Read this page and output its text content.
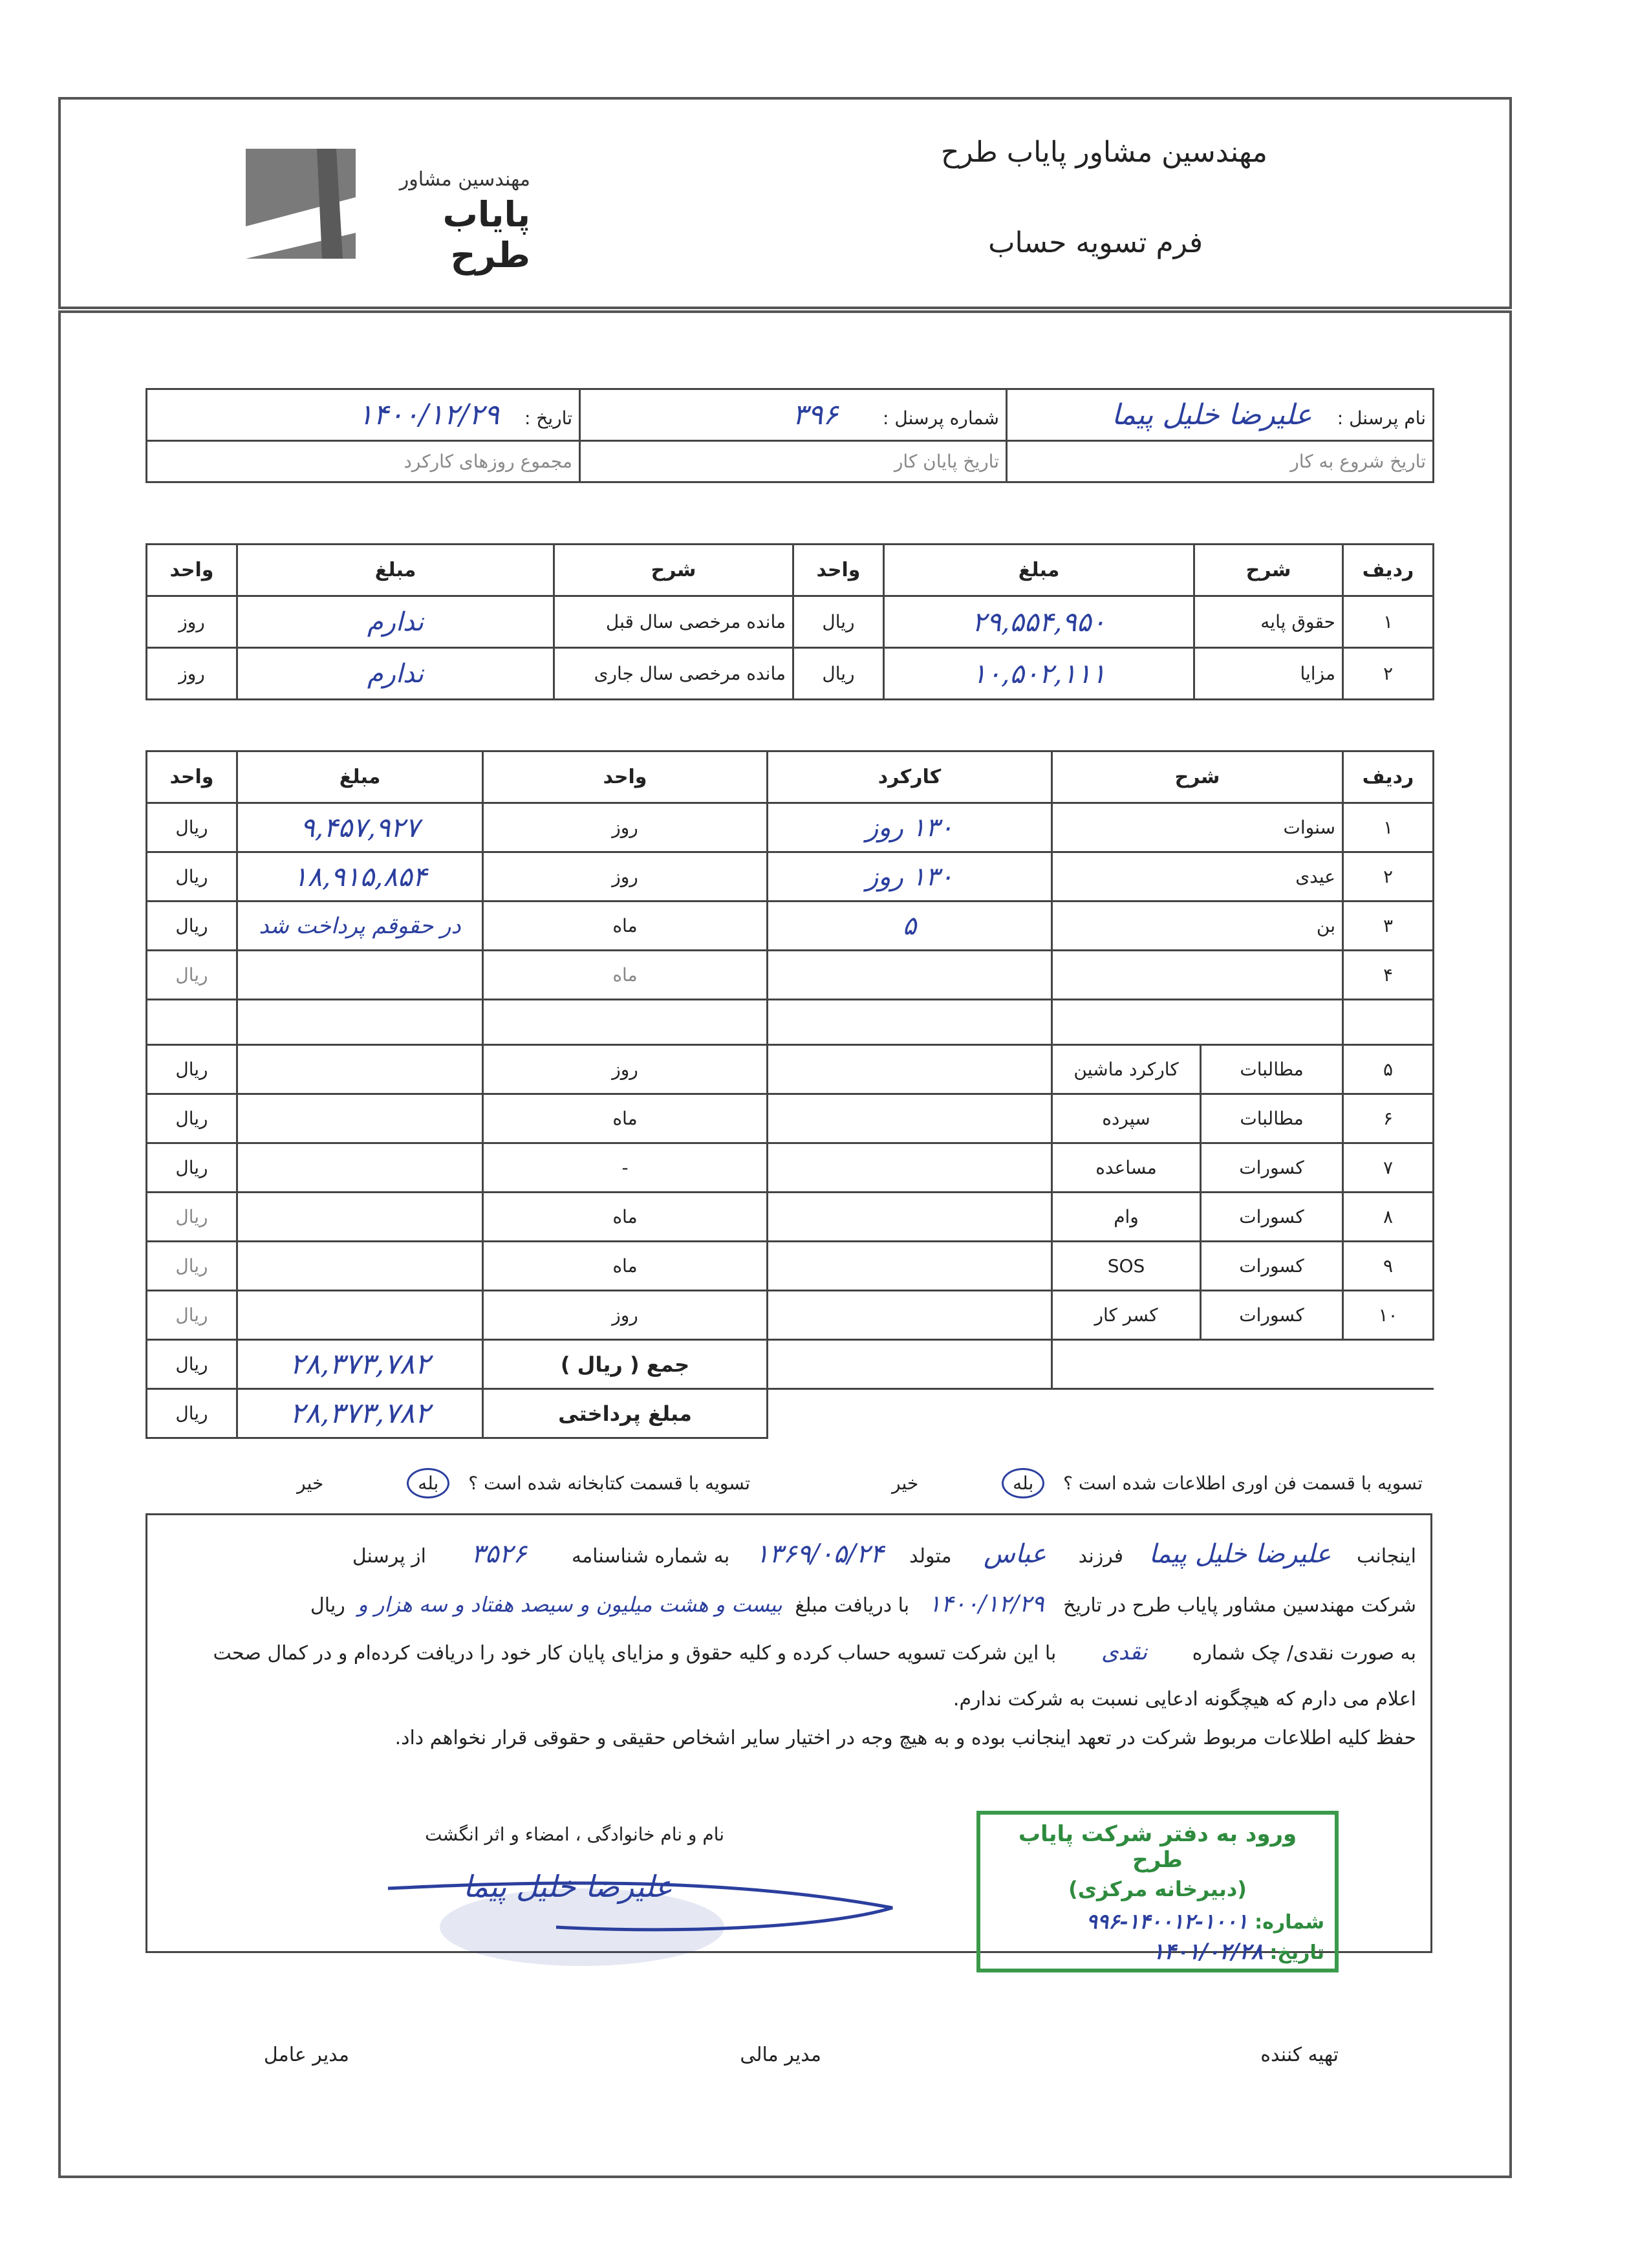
مهندسین مشاور
پایاب طرح
مهندسین مشاور پایاب طرح
فرم تسویه حساب
نام پرسنل : علیرضا خلیل پیما	شماره پرسنل : ۳۹۶	تاریخ : ۱۴۰۰/۱۲/۲۹
تاریخ شروع به کار	تاریخ پایان کار	مجموع روزهای کارکرد
ردیف	شرح	مبلغ	واحد	شرح	مبلغ	واحد
۱	حقوق پایه	۲۹,۵۵۴,۹۵۰	ریال	مانده مرخصی سال قبل	ندارم	روز
۲	مزایا	۱۰,۵۰۲,۱۱۱	ریال	مانده مرخصی سال جاری	ندارم	روز
ردیف	شرح		کارکرد	واحد	مبلغ	واحد
۱	سنوات		۱۳۰ روز	روز	۹,۴۵۷,۹۲۷	ریال
۲	عیدی		۱۳۰ روز	روز	۱۸,۹۱۵,۸۵۴	ریال
۳	بن		۵	ماه	در حقوقم پرداخت شد	ریال
۴				ماه		ریال

۵	مطالبات	کارکرد ماشین		روز		ریال
۶	مطالبات	سپرده		ماه		ریال
۷	کسورات	مساعده		-		ریال
۸	کسورات	وام		ماه		ریال
۹	کسورات	SOS		ماه		ریال
۱۰	کسورات	کسر کار		روز		ریال
				جمع ( ریال )	۲۸,۳۷۳,۷۸۲	ریال
				مبلغ پرداختی	۲۸,۳۷۳,۷۸۲	ریال
تسویه با قسمت فن اوری اطلاعات شده است ؟ بله خیر
تسویه با قسمت کتابخانه شده است ؟ بله خیر
اینجانب علیرضا خلیل پیما فرزند عباس متولد ۱۳۶۹/۰۵/۲۴ به شماره شناسنامه ۳۵۲۶ از پرسنل
شرکت مهندسین مشاور پایاب طرح در تاریخ ۱۴۰۰/۱۲/۲۹ با دریافت مبلغ بیست و هشت میلیون و سیصد هفتاد و سه هزار و ریال
به صورت نقدی/ چک شماره نقدی با این شرکت تسویه حساب کرده و کلیه حقوق و مزایای پایان کار خود را دریافت کرده‌ام و در کمال صحت
اعلام می دارم که هیچگونه ادعایی نسبت به شرکت ندارم.
حفظ کلیه اطلاعات مربوط شرکت در تعهد اینجانب بوده و به هیچ وجه در اختیار سایر اشخاص حقیقی و حقوقی قرار نخواهم داد.
نام و نام خانوادگی ، امضاء و اثر انگشت
علیرضا خلیل پیما
ورود به دفتر شرکت پایاب طرح
(دبیرخانه مرکزی)
شماره: ۱۰۰۱-۱۴۰۰۱۲-۹۹۶
تاریخ: ۱۴۰۱/۰۲/۲۸
تهیه کننده
مدیر مالی
مدیر عامل
